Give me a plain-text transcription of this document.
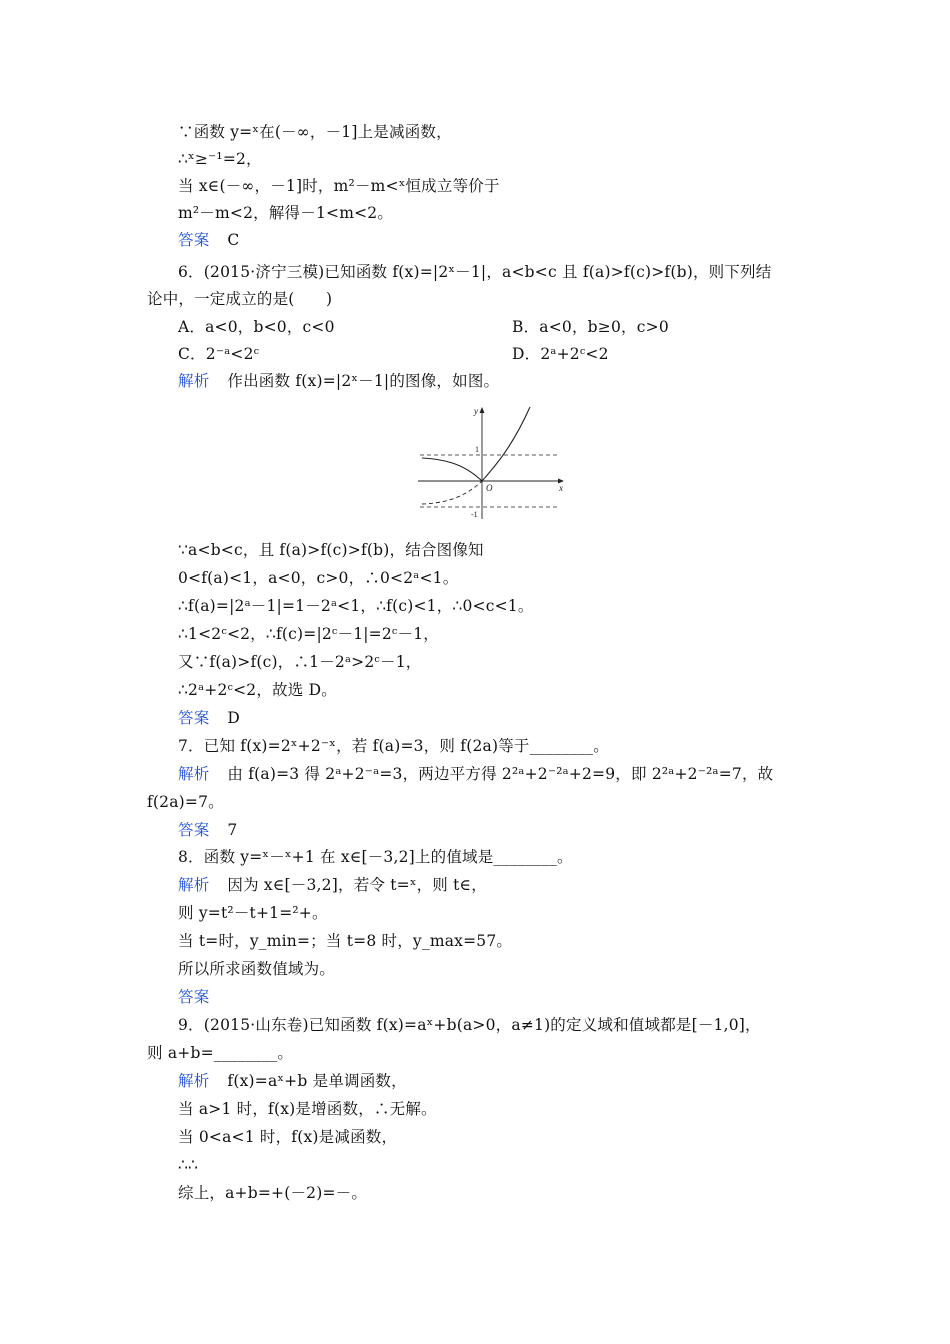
∵函数 y=ˣ在(－∞，－1]上是减函数，
∴ˣ≥⁻¹=2，
当 x∈(－∞，－1]时，m²－m<ˣ恒成立等价于
m²－m<2，解得－1<m<2。
答案 C
6．(2015·济宁三模)已知函数 f(x)=|2ˣ－1|，a<b<c 且 f(a)>f(c)>f(b)，则下列结
论中，一定成立的是(　　)
A．a<0，b<0，c<0	B．a<0，b≥0，c>0
C．2⁻ᵃ<2ᶜ	D．2ᵃ+2ᶜ<2
解析 作出函数 f(x)=|2ˣ－1|的图像，如图。
y
x
O
1
-1
∵a<b<c，且 f(a)>f(c)>f(b)，结合图像知
0<f(a)<1，a<0，c>0，∴0<2ᵃ<1。
∴f(a)=|2ᵃ－1|=1－2ᵃ<1，∴f(c)<1，∴0<c<1。
∴1<2ᶜ<2，∴f(c)=|2ᶜ－1|=2ᶜ－1，
又∵f(a)>f(c)，∴1－2ᵃ>2ᶜ－1，
∴2ᵃ+2ᶜ<2，故选 D。
答案 D
7．已知 f(x)=2ˣ+2⁻ˣ，若 f(a)=3，则 f(2a)等于________。
解析 由 f(a)=3 得 2ᵃ+2⁻ᵃ=3，两边平方得 2²ᵃ+2⁻²ᵃ+2=9，即 2²ᵃ+2⁻²ᵃ=7，故
f(2a)=7。
答案 7
8．函数 y=ˣ－ˣ+1 在 x∈[－3,2]上的值域是________。
解析 因为 x∈[－3,2]，若令 t=ˣ，则 t∈，
则 y=t²－t+1=²+。
当 t=时，y_min=；当 t=8 时，y_max=57。
所以所求函数值域为。
答案
9．(2015·山东卷)已知函数 f(x)=aˣ+b(a>0，a≠1)的定义域和值域都是[－1,0]，
则 a+b=________。
解析 f(x)=aˣ+b 是单调函数，
当 a>1 时，f(x)是增函数，∴无解。
当 0<a<1 时，f(x)是减函数，
∴∴
综上，a+b=+(－2)=－。
